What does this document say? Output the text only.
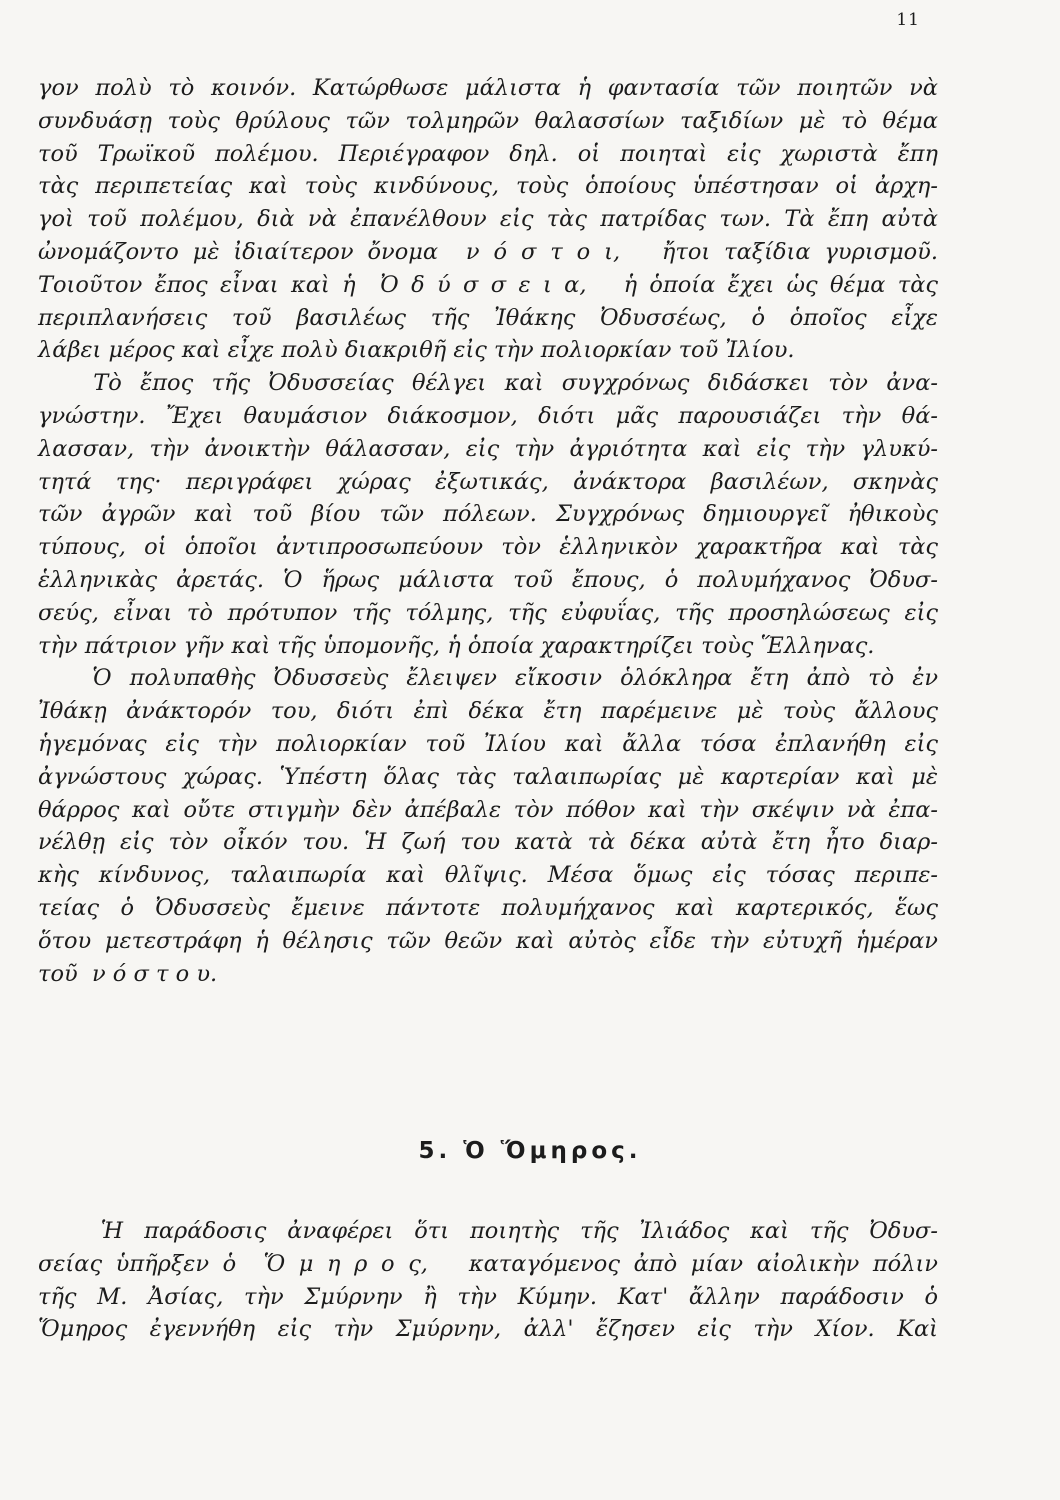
11
γον πολὺ τὸ κοινόν. Κατώρθωσε μάλιστα ἡ φαντασία τῶν ποιητῶν νὰ
συνδυάσῃ τοὺς θρύλους τῶν τολμηρῶν θαλασσίων ταξιδίων μὲ τὸ θέμα
τοῦ Τρωϊκοῦ πολέμου. Περιέγραφον δηλ. οἱ ποιηταὶ εἰς χωριστὰ ἔπη
τὰς περιπετείας καὶ τοὺς κινδύνους, τοὺς ὁποίους ὑπέστησαν οἱ ἀρχη-
γοὶ τοῦ πολέμου, διὰ νὰ ἐπανέλθουν εἰς τὰς πατρίδας των. Τὰ ἔπη αὐτὰ
ὠνομάζοντο μὲ ἰδιαίτερον ὄνομα  ν ό σ τ ο ι,   ἤτοι ταξίδια γυρισμοῦ.
Τοιοῦτον ἔπος εἶναι καὶ ἡ  Ὀ δ ύ σ σ ε ι α,   ἡ ὁποία ἔχει ὡς θέμα τὰς
περιπλανήσεις τοῦ βασιλέως τῆς Ἰθάκης Ὀδυσσέως, ὁ ὁποῖος εἶχε
λάβει μέρος καὶ εἶχε πολὺ διακριθῆ εἰς τὴν πολιορκίαν τοῦ Ἰλίου.
Τὸ ἔπος τῆς Ὀδυσσείας θέλγει καὶ συγχρόνως διδάσκει τὸν ἀνα-
γνώστην. Ἔχει θαυμάσιον διάκοσμον, διότι μᾶς παρουσιάζει τὴν θά-
λασσαν, τὴν ἀνοικτὴν θάλασσαν, εἰς τὴν ἀγριότητα καὶ εἰς τὴν γλυκύ-
τητά της· περιγράφει χώρας ἐξωτικάς, ἀνάκτορα βασιλέων, σκηνὰς
τῶν ἀγρῶν καὶ τοῦ βίου τῶν πόλεων. Συγχρόνως δημιουργεῖ ἠθικοὺς
τύπους, οἱ ὁποῖοι ἀντιπροσωπεύουν τὸν ἑλληνικὸν χαρακτῆρα καὶ τὰς
ἑλληνικὰς ἀρετάς. Ὁ ἥρως μάλιστα τοῦ ἔπους, ὁ πολυμήχανος Ὀδυσ-
σεύς, εἶναι τὸ πρότυπον τῆς τόλμης, τῆς εὐφυΐας, τῆς προσηλώσεως εἰς
τὴν πάτριον γῆν καὶ τῆς ὑπομονῆς, ἡ ὁποία χαρακτηρίζει τοὺς Ἕλληνας.
Ὁ πολυπαθὴς Ὀδυσσεὺς ἔλειψεν εἴκοσιν ὁλόκληρα ἔτη ἀπὸ τὸ ἐν
Ἰθάκῃ ἀνάκτορόν του, διότι ἐπὶ δέκα ἔτη παρέμεινε μὲ τοὺς ἄλλους
ἡγεμόνας εἰς τὴν πολιορκίαν τοῦ Ἰλίου καὶ ἄλλα τόσα ἐπλανήθη εἰς
ἀγνώστους χώρας. Ὑπέστη ὅλας τὰς ταλαιπωρίας μὲ καρτερίαν καὶ μὲ
θάρρος καὶ οὔτε στιγμὴν δὲν ἀπέβαλε τὸν πόθον καὶ τὴν σκέψιν νὰ ἐπα-
νέλθῃ εἰς τὸν οἶκόν του. Ἡ ζωή του κατὰ τὰ δέκα αὐτὰ ἔτη ἦτο διαρ-
κὴς κίνδυνος, ταλαιπωρία καὶ θλῖψις. Μέσα ὅμως εἰς τόσας περιπε-
τείας ὁ Ὀδυσσεὺς ἔμεινε πάντοτε πολυμήχανος καὶ καρτερικός, ἕως
ὅτου μετεστράφη ἡ θέλησις τῶν θεῶν καὶ αὐτὸς εἶδε τὴν εὐτυχῆ ἡμέραν
τοῦ  ν ό σ τ ο υ.
5. Ὁ Ὅμηρος.
Ἡ παράδοσις ἀναφέρει ὅτι ποιητὴς τῆς Ἰλιάδος καὶ τῆς Ὀδυσ-
σείας ὑπῆρξεν ὁ  Ὅ μ η ρ ο ς,   καταγόμενος ἀπὸ μίαν αἰολικὴν πόλιν
τῆς Μ. Ἀσίας, τὴν Σμύρνην ἢ τὴν Κύμην. Κατ' ἄλλην παράδοσιν ὁ
Ὅμηρος ἐγεννήθη εἰς τὴν Σμύρνην, ἀλλ' ἔζησεν εἰς τὴν Χίον. Καὶ
